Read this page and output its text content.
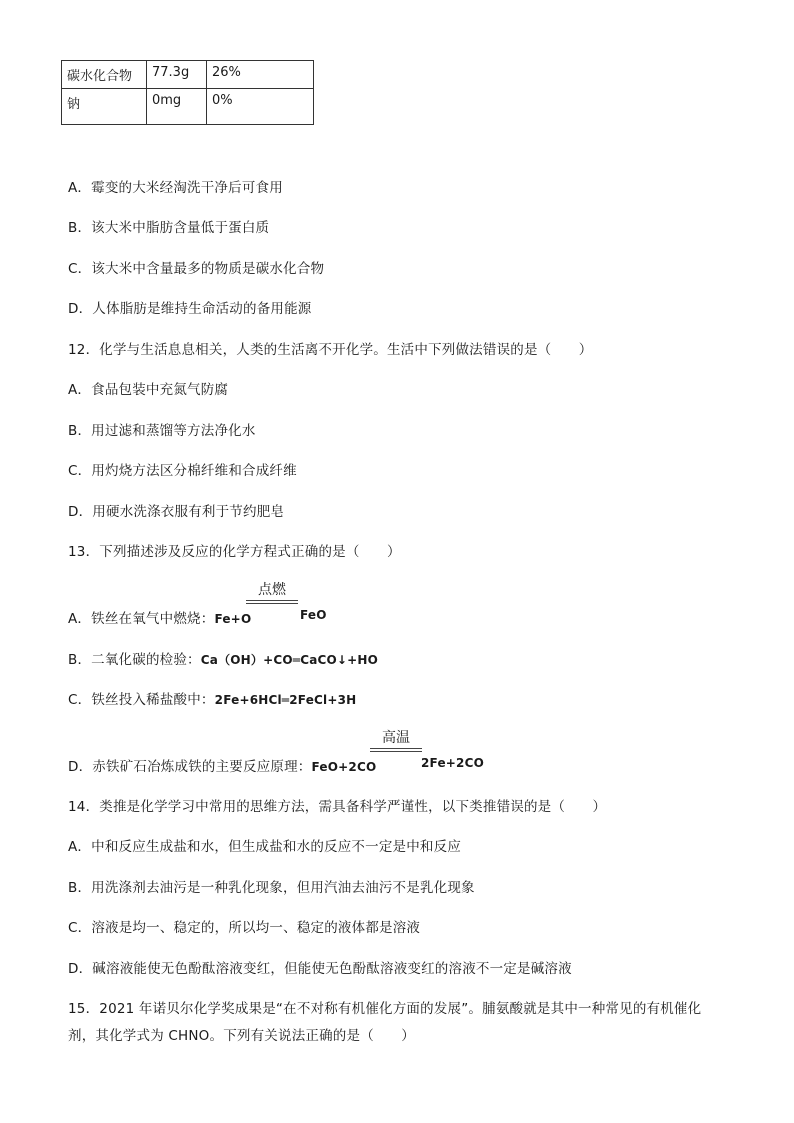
碳水化合物	77.3g	26%
钠	0mg	0%
A．霉变的大米经淘洗干净后可食用
B．该大米中脂肪含量低于蛋白质
C．该大米中含量最多的物质是碳水化合物
D．人体脂肪是维持生命活动的备用能源
12．化学与生活息息相关，人类的生活离不开化学。生活中下列做法错误的是（　　）
A．食品包装中充氮气防腐
B．用过滤和蒸馏等方法净化水
C．用灼烧方法区分棉纤维和合成纤维
D．用硬水洗涤衣服有利于节约肥皂
13．下列描述涉及反应的化学方程式正确的是（　　）
点燃
A．铁丝在氧气中燃烧：Fe+O	FeO
B．二氧化碳的检验：Ca（OH）+CO═CaCO↓+HO
C．铁丝投入稀盐酸中：2Fe+6HCl═2FeCl+3H
高温
D．赤铁矿石冶炼成铁的主要反应原理：FeO+2CO	2Fe+2CO
14．类推是化学学习中常用的思维方法，需具备科学严谨性，以下类推错误的是（　　）
A．中和反应生成盐和水，但生成盐和水的反应不一定是中和反应
B．用洗涤剂去油污是一种乳化现象，但用汽油去油污不是乳化现象
C．溶液是均一、稳定的，所以均一、稳定的液体都是溶液
D．碱溶液能使无色酚酞溶液变红，但能使无色酚酞溶液变红的溶液不一定是碱溶液
15．2021 年诺贝尔化学奖成果是“在不对称有机催化方面的发展”。脯氨酸就是其中一种常见的有机催化
剂，其化学式为 CHNO。下列有关说法正确的是（　　）
